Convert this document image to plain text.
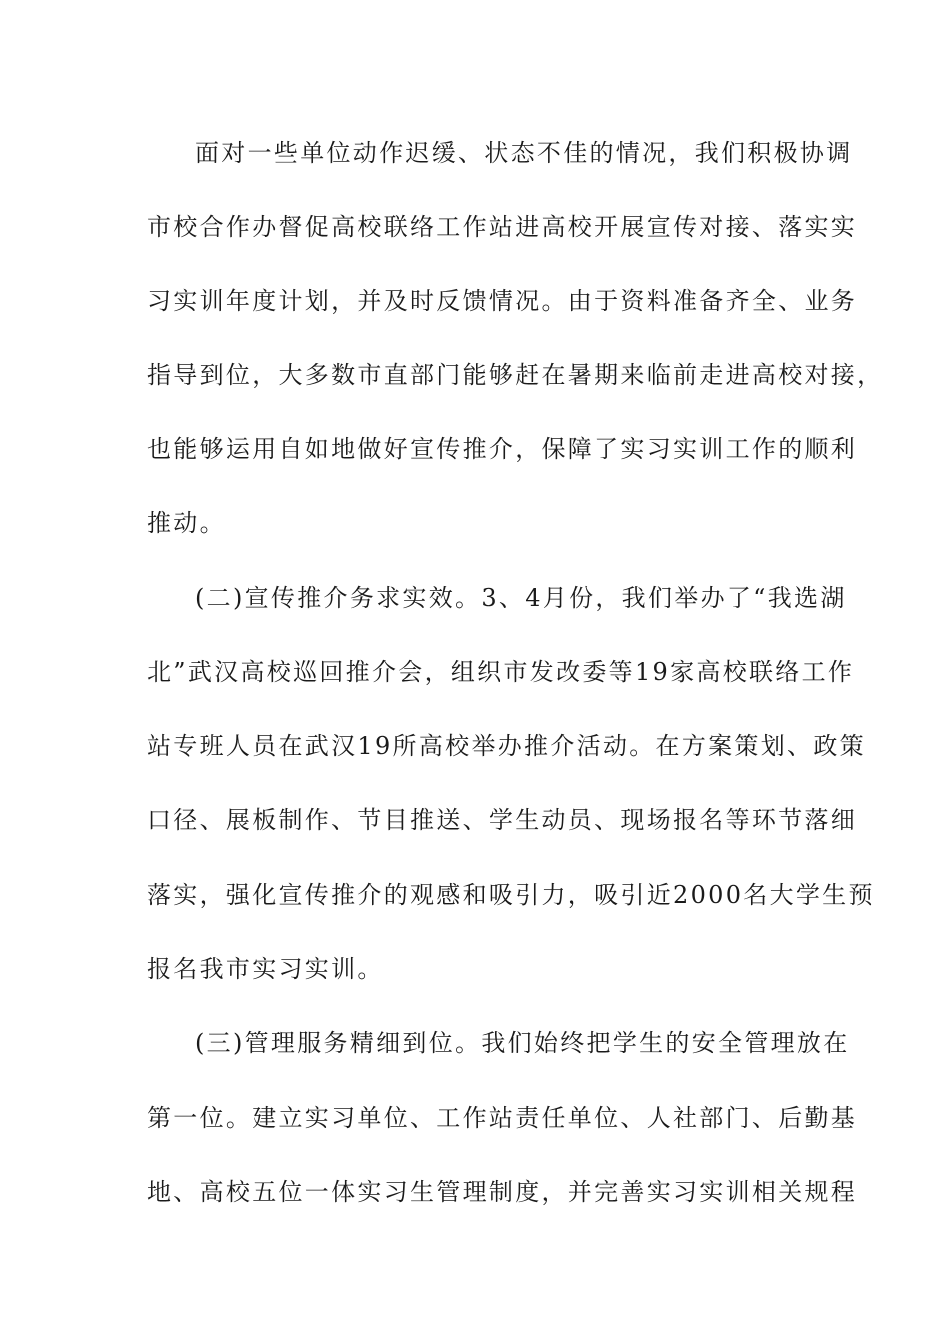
面对一些单位动作迟缓、状态不佳的情况，我们积极协调
市校合作办督促高校联络工作站进高校开展宣传对接、落实实
习实训年度计划，并及时反馈情况。由于资料准备齐全、业务
指导到位，大多数市直部门能够赶在暑期来临前走进高校对接，
也能够运用自如地做好宣传推介，保障了实习实训工作的顺利
推动。
(二)宣传推介务求实效。3、4月份，我们举办了“我选湖
北”武汉高校巡回推介会，组织市发改委等19家高校联络工作
站专班人员在武汉19所高校举办推介活动。在方案策划、政策
口径、展板制作、节目推送、学生动员、现场报名等环节落细
落实，强化宣传推介的观感和吸引力，吸引近2000名大学生预
报名我市实习实训。
(三)管理服务精细到位。我们始终把学生的安全管理放在
第一位。建立实习单位、工作站责任单位、人社部门、后勤基
地、高校五位一体实习生管理制度，并完善实习实训相关规程
